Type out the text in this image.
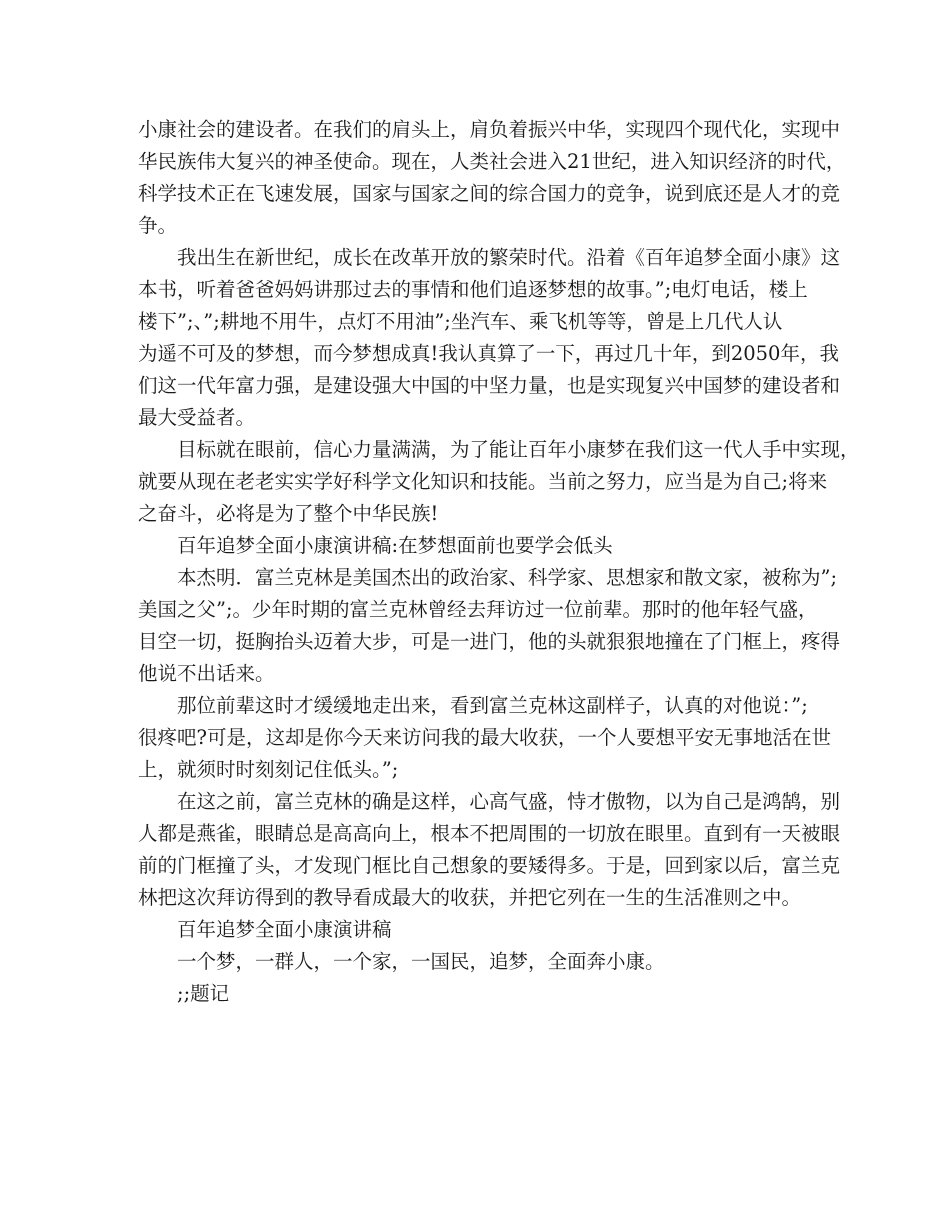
小康社会的建设者。在我们的肩头上，肩负着振兴中华，实现四个现代化，实现中
华民族伟大复兴的神圣使命。现在，人类社会进入21世纪，进入知识经济的时代，
科学技术正在飞速发展，国家与国家之间的综合国力的竞争，说到底还是人才的竞
争。
我出生在新世纪，成长在改革开放的繁荣时代。沿着《百年追梦全面小康》这
本书，听着爸爸妈妈讲那过去的事情和他们追逐梦想的故事。”;电灯电话，楼上
楼下”;、”;耕地不用牛，点灯不用油”;坐汽车、乘飞机等等，曾是上几代人认
为遥不可及的梦想，而今梦想成真!我认真算了一下，再过几十年，到2050年，我
们这一代年富力强，是建设强大中国的中坚力量，也是实现复兴中国梦的建设者和
最大受益者。
目标就在眼前，信心力量满满，为了能让百年小康梦在我们这一代人手中实现，
就要从现在老老实实学好科学文化知识和技能。当前之努力，应当是为自己;将来
之奋斗，必将是为了整个中华民族!
百年追梦全面小康演讲稿:在梦想面前也要学会低头
本杰明．富兰克林是美国杰出的政治家、科学家、思想家和散文家，被称为”;
美国之父”;。少年时期的富兰克林曾经去拜访过一位前辈。那时的他年轻气盛，
目空一切，挺胸抬头迈着大步，可是一进门，他的头就狠狠地撞在了门框上，疼得
他说不出话来。
那位前辈这时才缓缓地走出来，看到富兰克林这副样子，认真的对他说：”;
很疼吧?可是，这却是你今天来访问我的最大收获，一个人要想平安无事地活在世
上，就须时时刻刻记住低头。”;
在这之前，富兰克林的确是这样，心高气盛，恃才傲物，以为自己是鸿鹄，别
人都是燕雀，眼睛总是高高向上，根本不把周围的一切放在眼里。直到有一天被眼
前的门框撞了头，才发现门框比自己想象的要矮得多。于是，回到家以后，富兰克
林把这次拜访得到的教导看成最大的收获，并把它列在一生的生活准则之中。
百年追梦全面小康演讲稿
一个梦，一群人，一个家，一国民，追梦，全面奔小康。
;;题记
